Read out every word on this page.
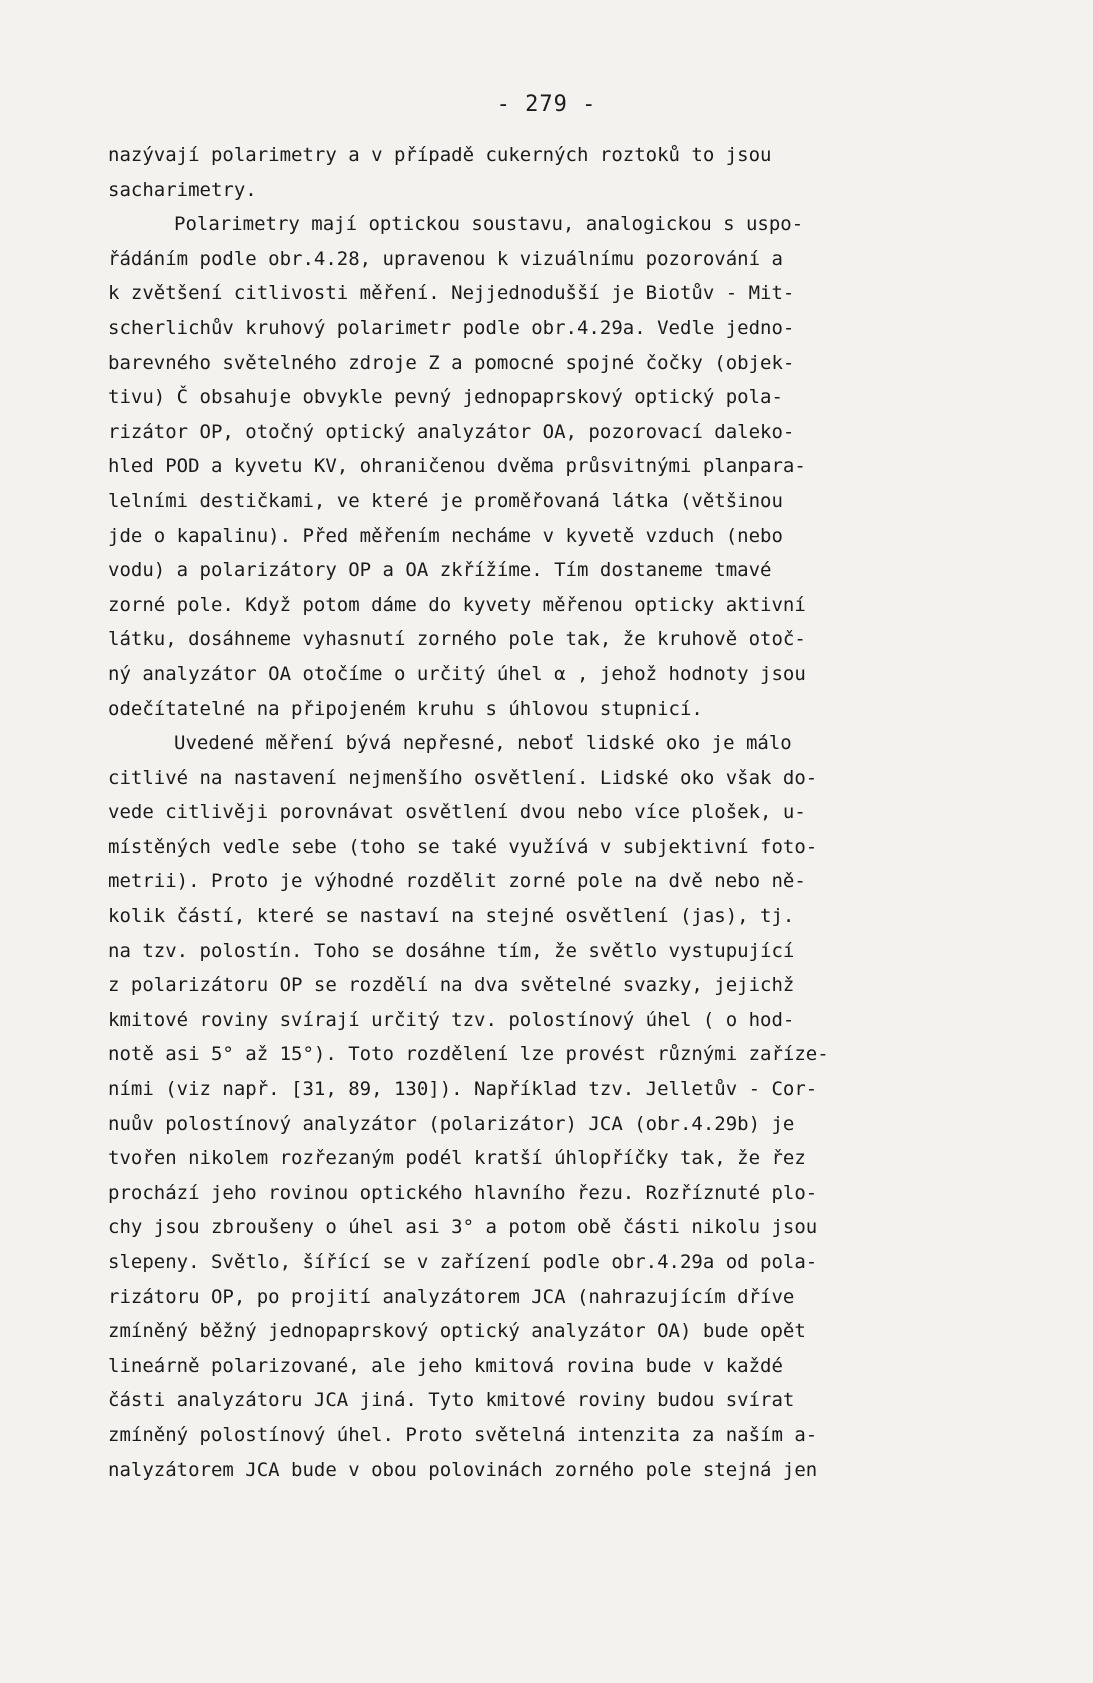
- 279 -
nazývají polarimetry a v případě cukerných roztoků to jsou
sacharimetry.
Polarimetry mají optickou soustavu, analogickou s uspo-
řádáním podle obr.4.28, upravenou k vizuálnímu pozorování a
k zvětšení citlivosti měření. Nejjednodušší je Biotův - Mit-
scherlichův kruhový polarimetr podle obr.4.29a. Vedle jedno-
barevného světelného zdroje Z a pomocné spojné čočky (objek-
tivu) Č obsahuje obvykle pevný jednopaprskový optický pola-
rizátor OP, otočný optický analyzátor OA, pozorovací daleko-
hled POD a kyvetu KV, ohraničenou dvěma průsvitnými planpara-
lelními destičkami, ve které je proměřovaná látka (většinou
jde o kapalinu). Před měřením necháme v kyvetě vzduch (nebo
vodu) a polarizátory OP a OA zkřížíme. Tím dostaneme tmavé
zorné pole. Když potom dáme do kyvety měřenou opticky aktivní
látku, dosáhneme vyhasnutí zorného pole tak, že kruhově otoč-
ný analyzátor OA otočíme o určitý úhel α , jehož hodnoty jsou
odečítatelné na připojeném kruhu s úhlovou stupnicí.
Uvedené měření bývá nepřesné, neboť lidské oko je málo
citlivé na nastavení nejmenšího osvětlení. Lidské oko však do-
vede citlivěji porovnávat osvětlení dvou nebo více plošek, u-
místěných vedle sebe (toho se také využívá v subjektivní foto-
metrii). Proto je výhodné rozdělit zorné pole na dvě nebo ně-
kolik částí, které se nastaví na stejné osvětlení (jas), tj.
na tzv. polostín. Toho se dosáhne tím, že světlo vystupující
z polarizátoru OP se rozdělí na dva světelné svazky, jejichž
kmitové roviny svírají určitý tzv. polostínový úhel ( o hod-
notě asi 5° až 15°). Toto rozdělení lze provést různými zaříze-
ními (viz např. [31, 89, 130]). Například tzv. Jelletův - Cor-
nuův polostínový analyzátor (polarizátor) JCA (obr.4.29b) je
tvořen nikolem rozřezaným podél kratší úhlopříčky tak, že řez
prochází jeho rovinou optického hlavního řezu. Rozříznuté plo-
chy jsou zbroušeny o úhel asi 3° a potom obě části nikolu jsou
slepeny. Světlo, šířící se v zařízení podle obr.4.29a od pola-
rizátoru OP, po projití analyzátorem JCA (nahrazujícím dříve
zmíněný běžný jednopaprskový optický analyzátor OA) bude opět
lineárně polarizované, ale jeho kmitová rovina bude v každé
části analyzátoru JCA jiná. Tyto kmitové roviny budou svírat
zmíněný polostínový úhel. Proto světelná intenzita za naším a-
nalyzátorem JCA bude v obou polovinách zorného pole stejná jen
